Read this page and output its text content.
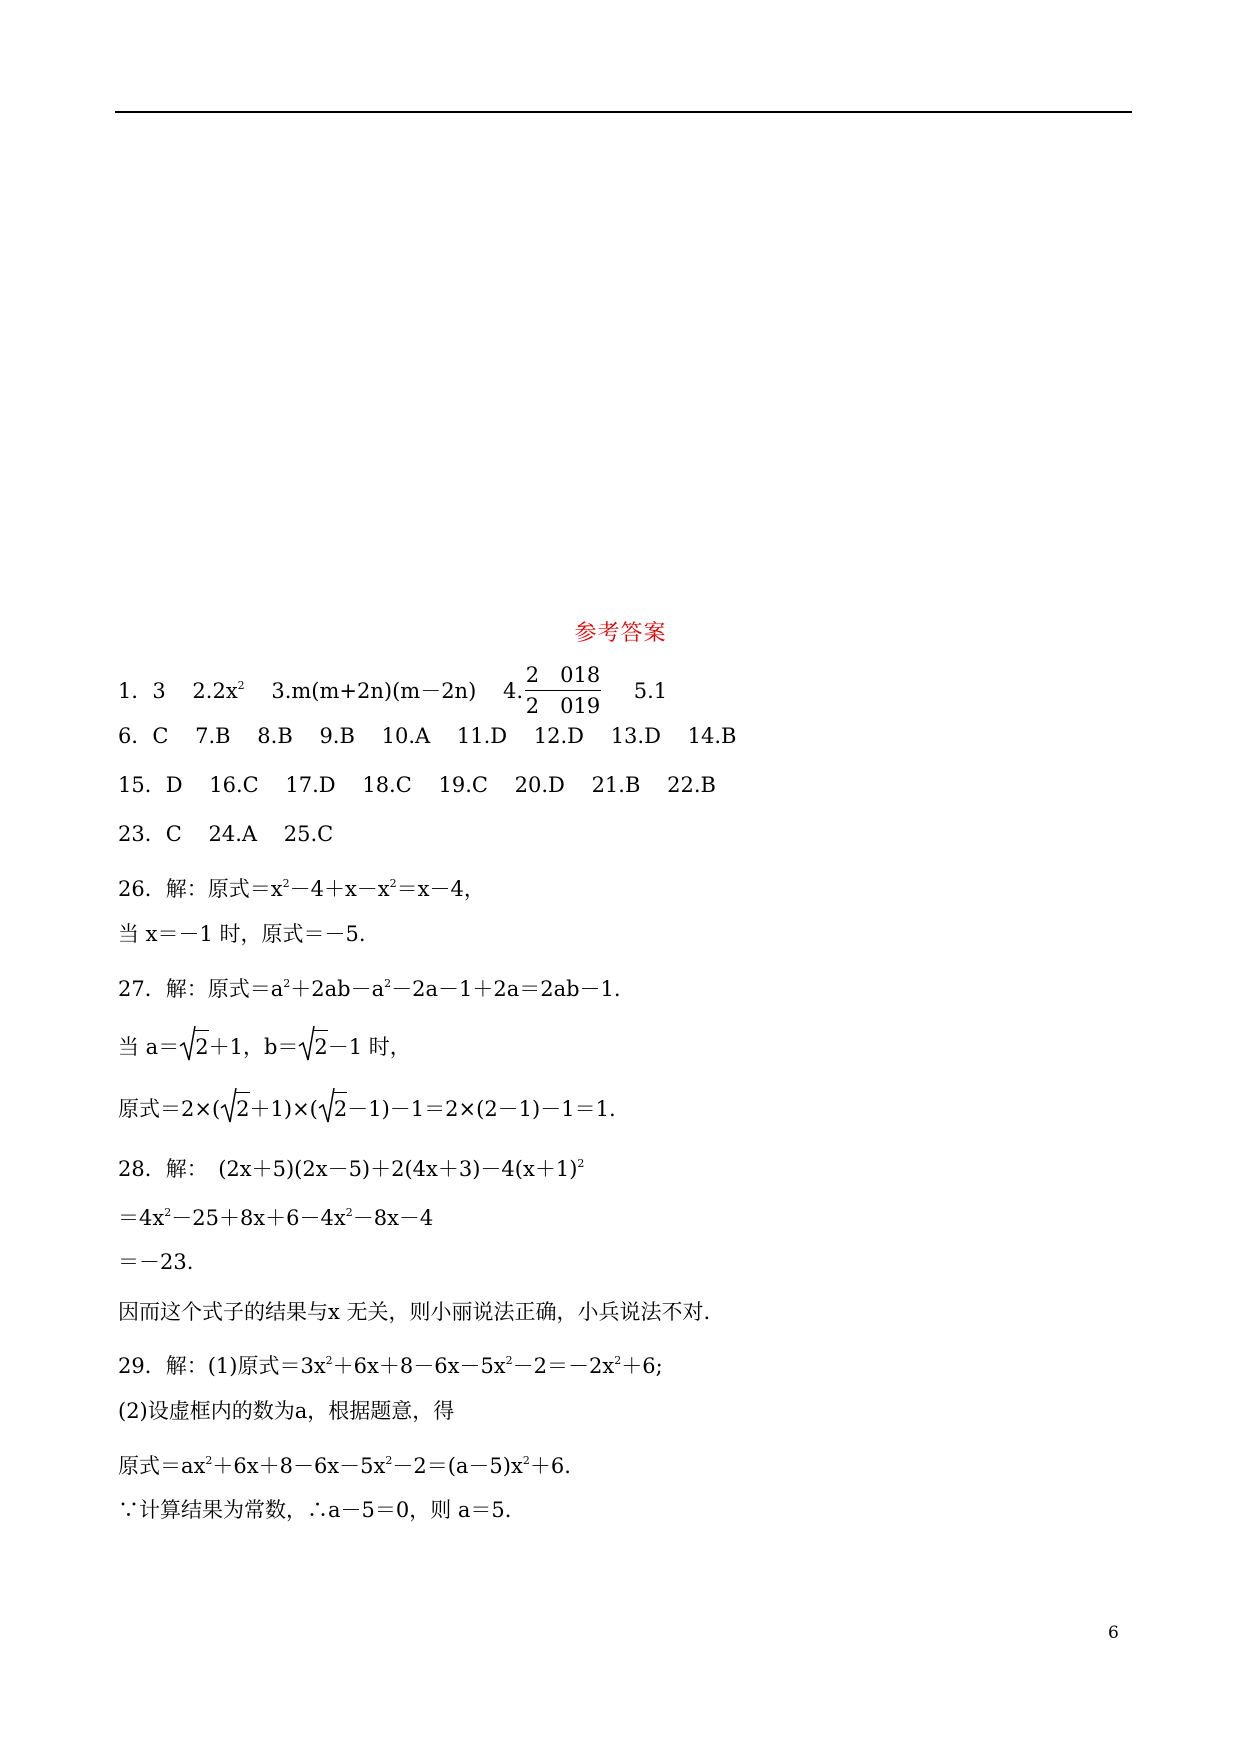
参考答案
1．3 2.2x2 3.m(m+2n)(m－2n) 4. $\frac{2 018}{2 019} 5.1$
6．C 7.B 8.B 9.B 10.A 11.D 12.D 13.D 14.B
15．D 16.C 17.D 18.C 19.C 20.D 21.B 22.B
23．C 24.A 25.C
26．解：原式＝x2－4＋x－x2＝x－4，
当 x＝－1 时，原式＝－5.
27．解：原式＝a2＋2ab－a2－2a－1＋2a＝2ab－1.
当 a＝ 2＋1，b＝ 2－1 时，
原式＝2×( 2＋1)×( 2－1)－1＝2×(2－1)－1＝1.
28．解：　(2x＋5)(2x－5)＋2(4x＋3)－4(x＋1)2
＝4x2－25＋8x＋6－4x2－8x－4
＝－23.
因而这个式子的结果与x 无关，则小丽说法正确，小兵说法不对.
29．解：(1)原式＝3x2＋6x＋8－6x－5x2－2＝－2x2＋6;
(2)设虚框内的数为a，根据题意，得
原式＝ax2＋6x＋8－6x－5x2－2＝(a－5)x2＋6.
∵计算结果为常数，∴a－5＝0，则 a＝5.
6
